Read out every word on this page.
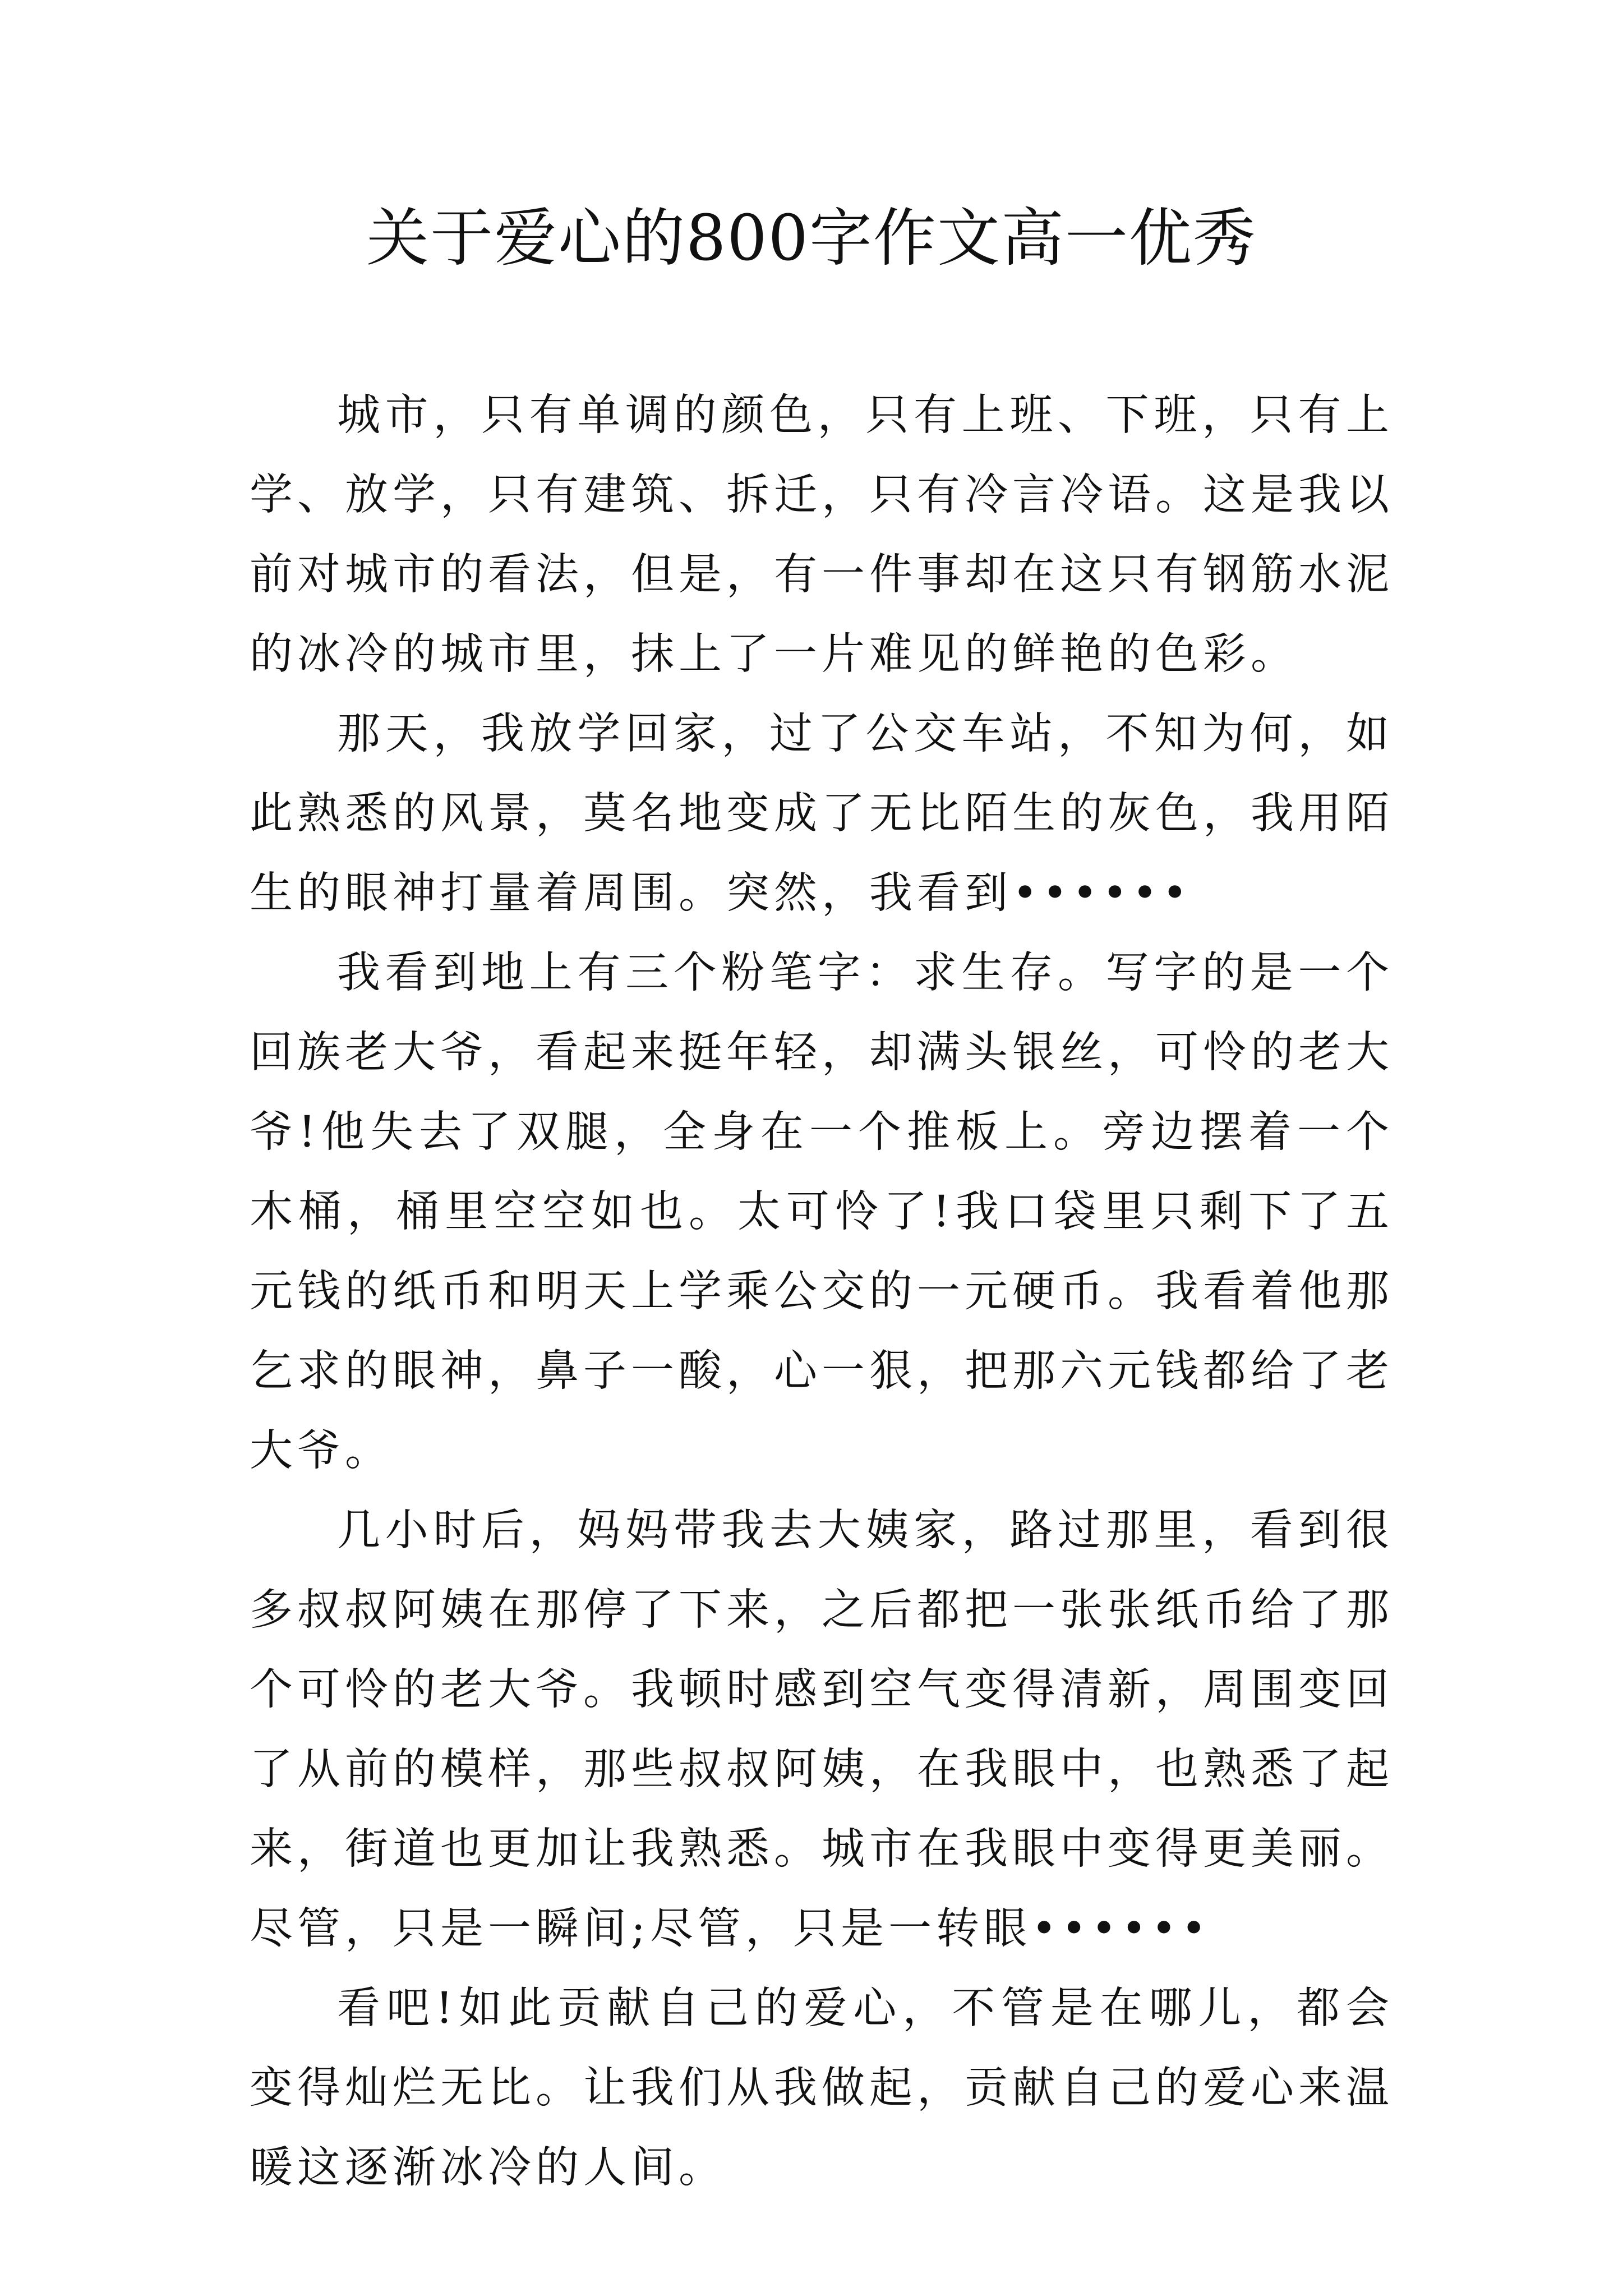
关于爱心的800字作文高一优秀

城市，只有单调的颜色，只有上班、下班，只有上学、放学，只有建筑、拆迁，只有冷言冷语。这是我以前对城市的看法，但是，有一件事却在这只有钢筋水泥的冰冷的城市里，抹上了一片难见的鲜艳的色彩。

那天，我放学回家，过了公交车站，不知为何，如此熟悉的风景，莫名地变成了无比陌生的灰色，我用陌生的眼神打量着周围。突然，我看到••••••

我看到地上有三个粉笔字：求生存。写字的是一个回族老大爷，看起来挺年轻，却满头银丝，可怜的老大爷!他失去了双腿，全身在一个推板上。旁边摆着一个木桶，桶里空空如也。太可怜了!我口袋里只剩下了五元钱的纸币和明天上学乘公交的一元硬币。我看着他那乞求的眼神，鼻子一酸，心一狠，把那六元钱都给了老大爷。

几小时后，妈妈带我去大姨家，路过那里，看到很多叔叔阿姨在那停了下来，之后都把一张张纸币给了那个可怜的老大爷。我顿时感到空气变得清新，周围变回了从前的模样，那些叔叔阿姨，在我眼中，也熟悉了起来，街道也更加让我熟悉。城市在我眼中变得更美丽。尽管，只是一瞬间;尽管，只是一转眼••••••

看吧!如此贡献自己的爱心，不管是在哪儿，都会变得灿烂无比。让我们从我做起，贡献自己的爱心来温暖这逐渐冰冷的人间。
